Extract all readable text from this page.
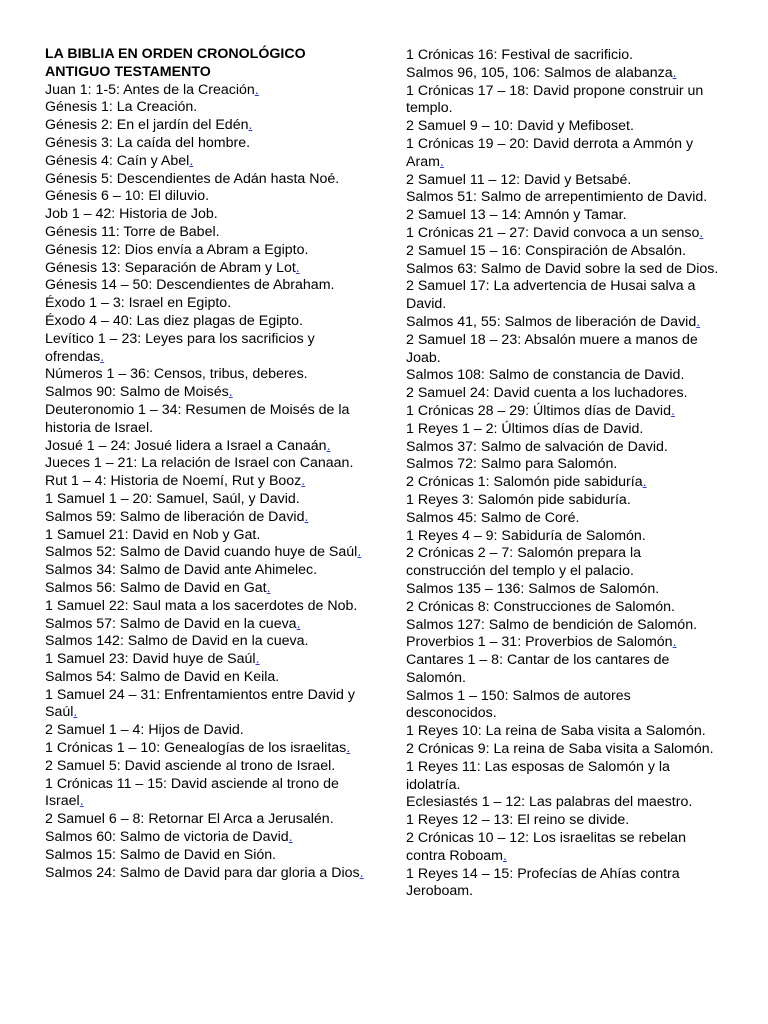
LA BIBLIA EN ORDEN CRONOLÓGICO
ANTIGUO TESTAMENTO
Juan 1: 1-5: Antes de la Creación.
Génesis 1: La Creación.
Génesis 2: En el jardín del Edén.
Génesis 3: La caída del hombre.
Génesis 4: Caín y Abel.
Génesis 5: Descendientes de Adán hasta Noé.
Génesis 6 – 10: El diluvio.
Job 1 – 42: Historia de Job.
Génesis 11: Torre de Babel.
Génesis 12: Dios envía a Abram a Egipto.
Génesis 13: Separación de Abram y Lot.
Génesis 14 – 50: Descendientes de Abraham.
Éxodo 1 – 3: Israel en Egipto.
Éxodo 4 – 40: Las diez plagas de Egipto.
Levítico 1 – 23: Leyes para los sacrificios y ofrendas.
Números 1 – 36: Censos, tribus, deberes.
Salmos 90: Salmo de Moisés.
Deuteronomio 1 – 34: Resumen de Moisés de la historia de Israel.
Josué 1 – 24: Josué lidera a Israel a Canaán.
Jueces 1 – 21: La relación de Israel con Canaan.
Rut 1 – 4: Historia de Noemí, Rut y Booz.
1 Samuel 1 – 20: Samuel, Saúl, y David.
Salmos 59: Salmo de liberación de David.
1 Samuel 21: David en Nob y Gat.
Salmos 52: Salmo de David cuando huye de Saúl.
Salmos 34: Salmo de David ante Ahimelec.
Salmos 56: Salmo de David en Gat.
1 Samuel 22: Saul mata a los sacerdotes de Nob.
Salmos 57: Salmo de David en la cueva.
Salmos 142: Salmo de David en la cueva.
1 Samuel 23: David huye de Saúl.
Salmos 54: Salmo de David en Keila.
1 Samuel 24 – 31: Enfrentamientos entre David y Saúl.
2 Samuel 1 – 4: Hijos de David.
1 Crónicas 1 – 10: Genealogías de los israelitas.
2 Samuel 5: David asciende al trono de Israel.
1 Crónicas 11 – 15: David asciende al trono de Israel.
2 Samuel 6 – 8: Retornar El Arca a Jerusalén.
Salmos 60: Salmo de victoria de David.
Salmos 15: Salmo de David en Sión.
Salmos 24: Salmo de David para dar gloria a Dios.
1 Crónicas 16: Festival de sacrificio.
Salmos 96, 105, 106: Salmos de alabanza.
1 Crónicas 17 – 18: David propone construir un templo.
2 Samuel 9 – 10: David y Mefiboset.
1 Crónicas 19 – 20: David derrota a Ammón y Aram.
2 Samuel 11 – 12: David y Betsabé.
Salmos 51: Salmo de arrepentimiento de David.
2 Samuel 13 – 14: Amnón y Tamar.
1 Crónicas 21 – 27: David convoca a un senso.
2 Samuel 15 – 16: Conspiración de Absalón.
Salmos 63: Salmo de David sobre la sed de Dios.
2 Samuel 17: La advertencia de Husai salva a David.
Salmos 41, 55: Salmos de liberación de David.
2 Samuel 18 – 23: Absalón muere a manos de Joab.
Salmos 108: Salmo de constancia de David.
2 Samuel 24: David cuenta a los luchadores.
1 Crónicas 28 – 29: Últimos días de David.
1 Reyes 1 – 2: Últimos días de David.
Salmos 37: Salmo de salvación de David.
Salmos 72: Salmo para Salomón.
2 Crónicas 1: Salomón pide sabiduría.
1 Reyes 3: Salomón pide sabiduría.
Salmos 45: Salmo de Coré.
1 Reyes 4 – 9: Sabiduría de Salomón.
2 Crónicas 2 – 7: Salomón prepara la construcción del templo y el palacio.
Salmos 135 – 136: Salmos de Salomón.
2 Crónicas 8: Construcciones de Salomón.
Salmos 127: Salmo de bendición de Salomón.
Proverbios 1 – 31: Proverbios de Salomón.
Cantares 1 – 8: Cantar de los cantares de Salomón.
Salmos 1 – 150: Salmos de autores desconocidos.
1 Reyes 10: La reina de Saba visita a Salomón.
2 Crónicas 9: La reina de Saba visita a Salomón.
1 Reyes 11: Las esposas de Salomón y la idolatría.
Eclesiastés 1 – 12: Las palabras del maestro.
1 Reyes 12 – 13: El reino se divide.
2 Crónicas 10 – 12: Los israelitas se rebelan contra Roboam.
1 Reyes 14 – 15: Profecías de Ahías contra Jeroboam.
